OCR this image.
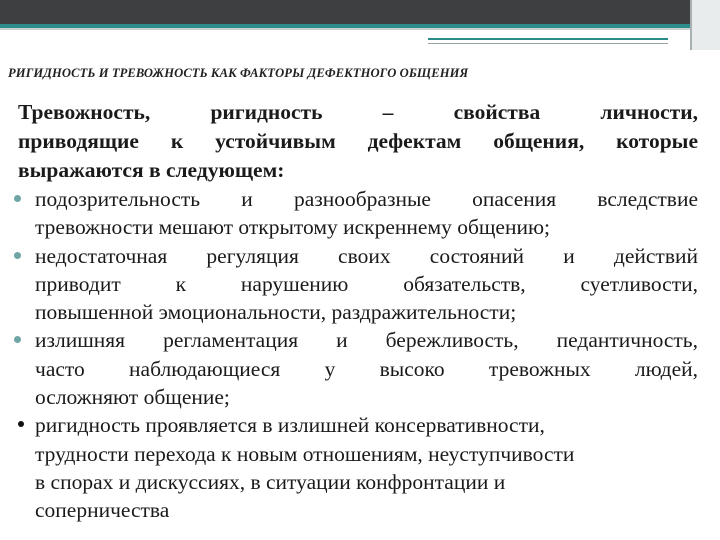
РИГИДНОСТЬ И ТРЕВОЖНОСТЬ КАК ФАКТОРЫ ДЕФЕКТНОГО ОБЩЕНИЯ
Тревожность, ригидность – свойства личности,
приводящие к устойчивым дефектам общения, которые
выражаются в следующем:
подозрительность и разнообразные опасения вследствие
тревожности мешают открытому искреннему общению;
недостаточная регуляция своих состояний и действий
приводит к нарушению обязательств, суетливости,
повышенной эмоциональности, раздражительности;
излишняя регламентация и бережливость, педантичность,
часто наблюдающиеся у высоко тревожных людей,
осложняют общение;
ригидность проявляется в излишней консервативности,
трудности перехода к новым отношениям, неуступчивости
в спорах и дискуссиях, в ситуации конфронтации и
соперничества
